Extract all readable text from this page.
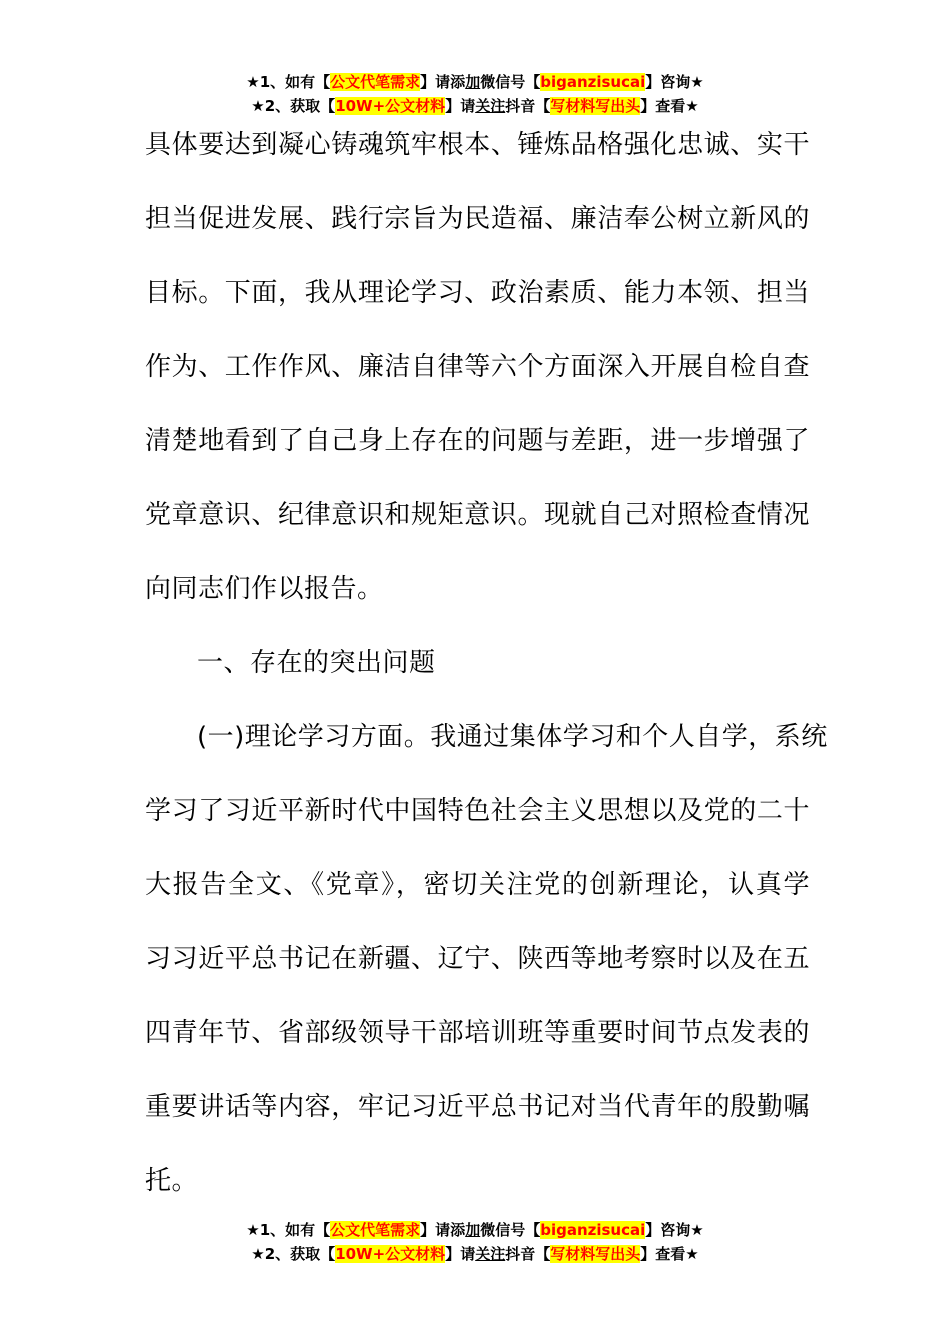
★1、如有【公文代笔需求】请添加微信号【biganzisucai】咨询★
★2、获取【10W+公文材料】请关注抖音【写材料写出头】查看★
具体要达到凝心铸魂筑牢根本、锤炼品格强化忠诚、实干
担当促进发展、践行宗旨为民造福、廉洁奉公树立新风的
目标。下面，我从理论学习、政治素质、能力本领、担当
作为、工作作风、廉洁自律等六个方面深入开展自检自查
清楚地看到了自己身上存在的问题与差距，进一步增强了
党章意识、纪律意识和规矩意识。现就自己对照检查情况
向同志们作以报告。
一、存在的突出问题
(一)理论学习方面。我通过集体学习和个人自学，系统
学习了习近平新时代中国特色社会主义思想以及党的二十
大报告全文、《党章》，密切关注党的创新理论，认真学
习习近平总书记在新疆、辽宁、陕西等地考察时以及在五
四青年节、省部级领导干部培训班等重要时间节点发表的
重要讲话等内容，牢记习近平总书记对当代青年的殷勤嘱
托。
★1、如有【公文代笔需求】请添加微信号【biganzisucai】咨询★
★2、获取【10W+公文材料】请关注抖音【写材料写出头】查看★
